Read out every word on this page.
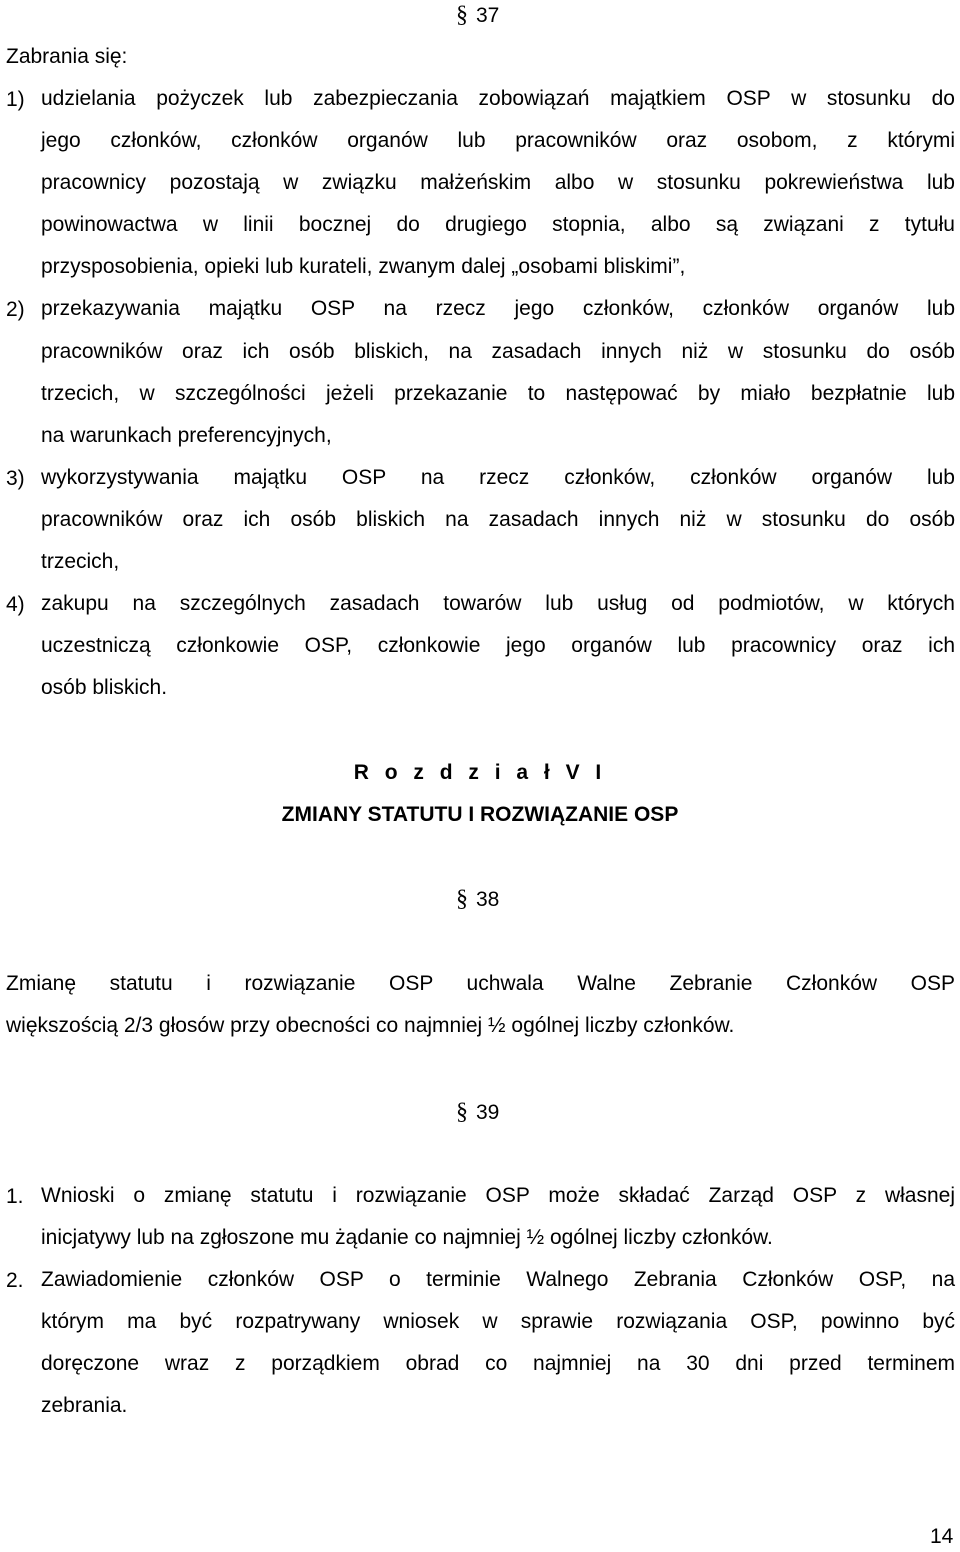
§ 37
Zabrania się:
1) udzielania pożyczek lub zabezpieczania zobowiązań majątkiem OSP w stosunku do
jego członków, członków organów lub pracowników oraz osobom, z którymi
pracownicy pozostają w związku małżeńskim albo w stosunku pokrewieństwa lub
powinowactwa w linii bocznej do drugiego stopnia, albo są związani z tytułu
przysposobienia, opieki lub kurateli, zwanym dalej „osobami bliskimi”,
2) przekazywania majątku OSP na rzecz jego członków, członków organów lub
pracowników oraz ich osób bliskich, na zasadach innych niż w stosunku do osób
trzecich, w szczególności jeżeli przekazanie to następować by miało bezpłatnie lub
na warunkach preferencyjnych,
3) wykorzystywania majątku OSP na rzecz członków, członków organów lub
pracowników oraz ich osób bliskich na zasadach innych niż w stosunku do osób
trzecich,
4) zakupu na szczególnych zasadach towarów lub usług od podmiotów, w których
uczestniczą członkowie OSP, członkowie jego organów lub pracownicy oraz ich
osób bliskich.
R o z d z i a ł V I
ZMIANY STATUTU I ROZWIĄZANIE OSP
§ 38
Zmianę statutu i rozwiązanie OSP uchwala Walne Zebranie Członków OSP
większością 2/3 głosów przy obecności co najmniej ½ ogólnej liczby członków.
§ 39
1. Wnioski o zmianę statutu i rozwiązanie OSP może składać Zarząd OSP z własnej
inicjatywy lub na zgłoszone mu żądanie co najmniej ½ ogólnej liczby członków.
2. Zawiadomienie członków OSP o terminie Walnego Zebrania Członków OSP, na
którym ma być rozpatrywany wniosek w sprawie rozwiązania OSP, powinno być
doręczone wraz z porządkiem obrad co najmniej na 30 dni przed terminem
zebrania.
14
